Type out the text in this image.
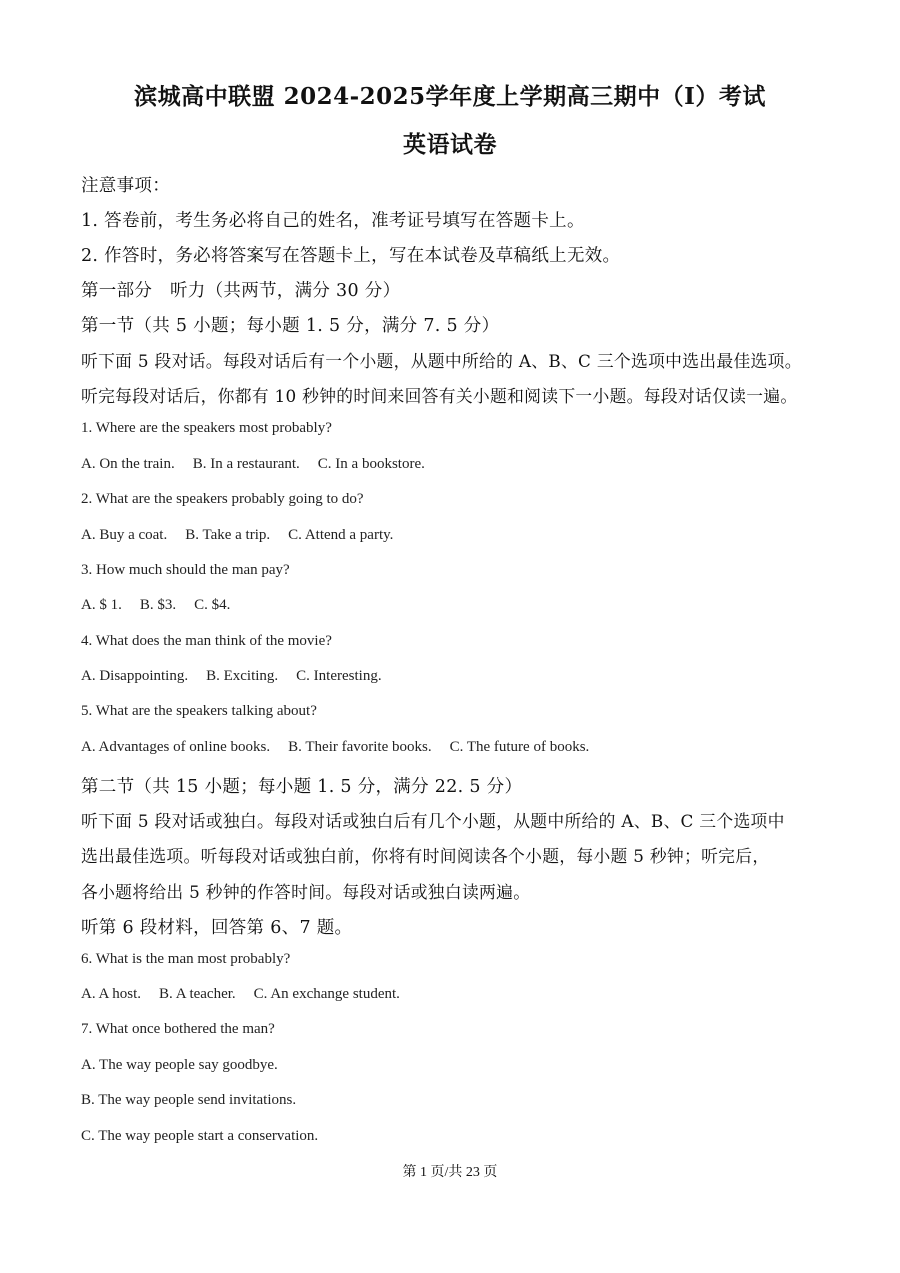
滨城高中联盟 2024-2025学年度上学期高三期中（I）考试
英语试卷
注意事项：
1. 答卷前，考生务必将自己的姓名，准考证号填写在答题卡上。
2. 作答时，务必将答案写在答题卡上，写在本试卷及草稿纸上无效。
第一部分　听力（共两节，满分 30 分）
第一节（共 5 小题；每小题 1. 5 分，满分 7. 5 分）
听下面 5 段对话。每段对话后有一个小题，从题中所给的 A、B、C 三个选项中选出最佳选项。
听完每段对话后，你都有 10 秒钟的时间来回答有关小题和阅读下一小题。每段对话仅读一遍。
1. Where are the speakers most probably?
A. On the train. B. In a restaurant. C. In a bookstore.
2. What are the speakers probably going to do?
A. Buy a coat. B. Take a trip. C. Attend a party.
3. How much should the man pay?
A. $ 1. B. $3. C. $4.
4. What does the man think of the movie?
A. Disappointing. B. Exciting. C. Interesting.
5. What are the speakers talking about?
A. Advantages of online books. B. Their favorite books. C. The future of books.
第二节（共 15 小题；每小题 1. 5 分，满分 22. 5 分）
听下面 5 段对话或独白。每段对话或独白后有几个小题，从题中所给的 A、B、C 三个选项中
选出最佳选项。听每段对话或独白前，你将有时间阅读各个小题，每小题 5 秒钟；听完后，
各小题将给出 5 秒钟的作答时间。每段对话或独白读两遍。
听第 6 段材料，回答第 6、7 题。
6. What is the man most probably?
A. A host. B. A teacher. C. An exchange student.
7. What once bothered the man?
A. The way people say goodbye.
B. The way people send invitations.
C. The way people start a conservation.
第 1 页/共 23 页
